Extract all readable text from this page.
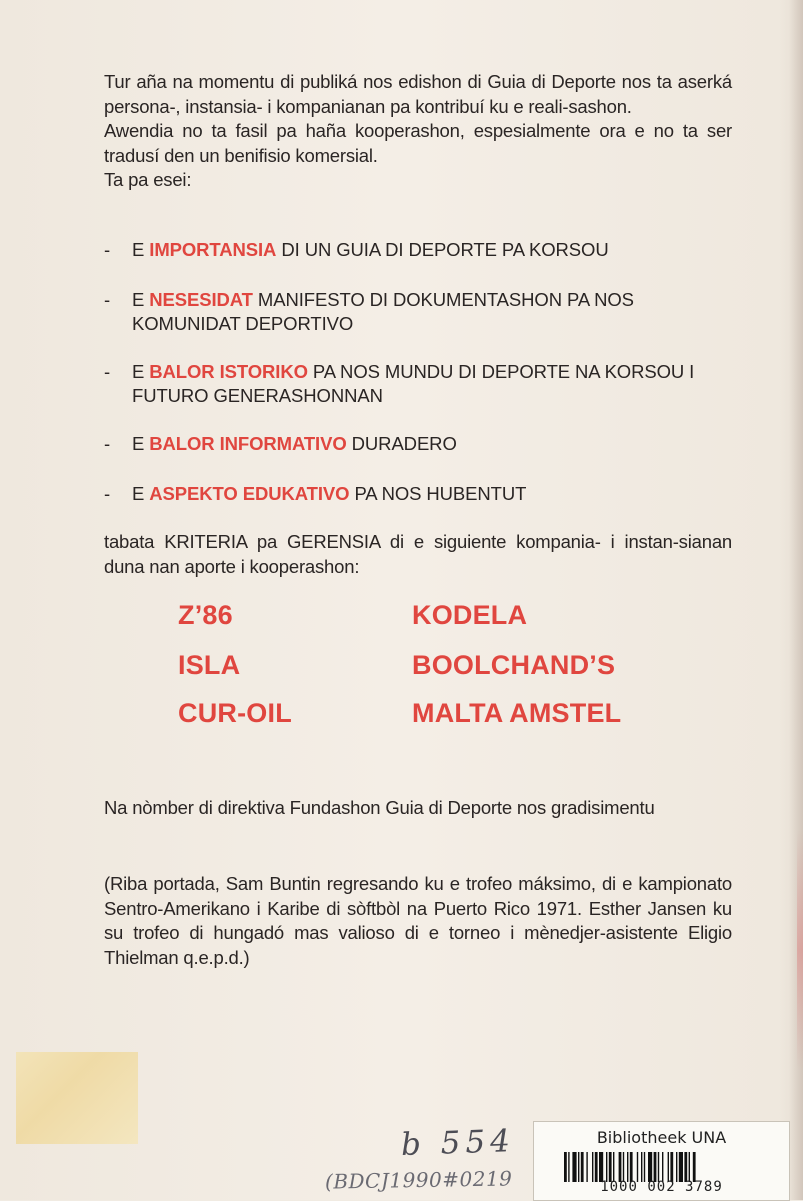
Tur aña na momentu di publiká nos edishon di Guia di Deporte nos ta aserká persona-, instansia- i kompanianan pa kontribuí ku e reali-sashon.
Awendia no ta fasil pa haña kooperashon, espesialmente ora e no ta ser tradusí den un benifisio komersial.
Ta pa esei:
- E IMPORTANSIA DI UN GUIA DI DEPORTE PA KORSOU
- E NESESIDAT MANIFESTO DI DOKUMENTASHON PA NOS KOMUNIDAT DEPORTIVO
- E BALOR ISTORIKO PA NOS MUNDU DI DEPORTE NA KORSOU I FUTURO GENERASHONNAN
- E BALOR INFORMATIVO DURADERO
- E ASPEKTO EDUKATIVO PA NOS HUBENTUT

tabata KRITERIA pa GERENSIA di e siguiente kompania- i instan-sianan duna nan aporte i kooperashon:

Z’86	KODELA
ISLA	BOOLCHAND’S
CUR-OIL	MALTA AMSTEL

Na nòmber di direktiva Fundashon Guia di Deporte nos gradisimentu

(Riba portada, Sam Buntin regresando ku e trofeo máksimo, di e kampionato Sentro-Amerikano i Karibe di sòftbòl na Puerto Rico 1971. Esther Jansen ku su trofeo di hungadó mas valioso di e torneo i mènedjer-asistente Eligio Thielman q.e.p.d.)

b 554
(BDCJ1990#0219
Bibliotheek UNA
1000 002 3789
